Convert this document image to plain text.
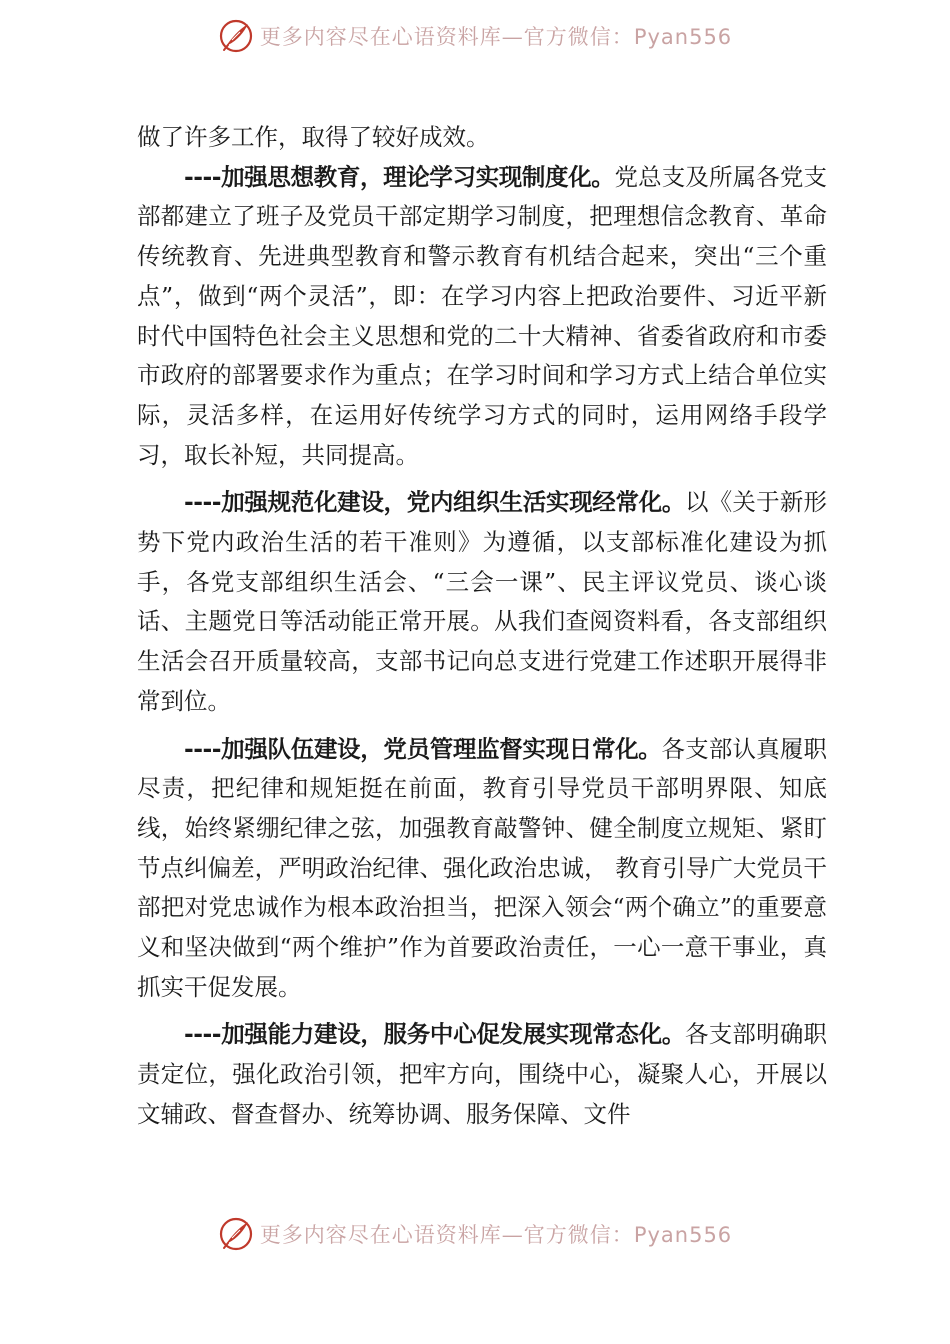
更多内容尽在心语资料库—官方微信：Pyan556

做了许多工作，取得了较好成效。

----加强思想教育，理论学习实现制度化。党总支及所属各党支部都建立了班子及党员干部定期学习制度，把理想信念教育、革命传统教育、先进典型教育和警示教育有机结合起来，突出“三个重点”，做到“两个灵活”，即：在学习内容上把政治要件、习近平新时代中国特色社会主义思想和党的二十大精神、省委省政府和市委市政府的部署要求作为重点；在学习时间和学习方式上结合单位实际，灵活多样，在运用好传统学习方式的同时，运用网络手段学习，取长补短，共同提高。

----加强规范化建设，党内组织生活实现经常化。以《关于新形势下党内政治生活的若干准则》为遵循，以支部标准化建设为抓手，各党支部组织生活会、“三会一课”、民主评议党员、谈心谈话、主题党日等活动能正常开展。从我们查阅资料看，各支部组织生活会召开质量较高，支部书记向总支进行党建工作述职开展得非常到位。

----加强队伍建设，党员管理监督实现日常化。各支部认真履职尽责，把纪律和规矩挺在前面，教育引导党员干部明界限、知底线，始终紧绷纪律之弦，加强教育敲警钟、健全制度立规矩、紧盯节点纠偏差，严明政治纪律、强化政治忠诚， 教育引导广大党员干部把对党忠诚作为根本政治担当，把深入领会“两个确立”的重要意义和坚决做到“两个维护”作为首要政治责任，一心一意干事业，真抓实干促发展。

----加强能力建设，服务中心促发展实现常态化。各支部明确职责定位，强化政治引领，把牢方向，围绕中心，凝聚人心，开展以文辅政、督查督办、统筹协调、服务保障、文件

更多内容尽在心语资料库—官方微信：Pyan556
